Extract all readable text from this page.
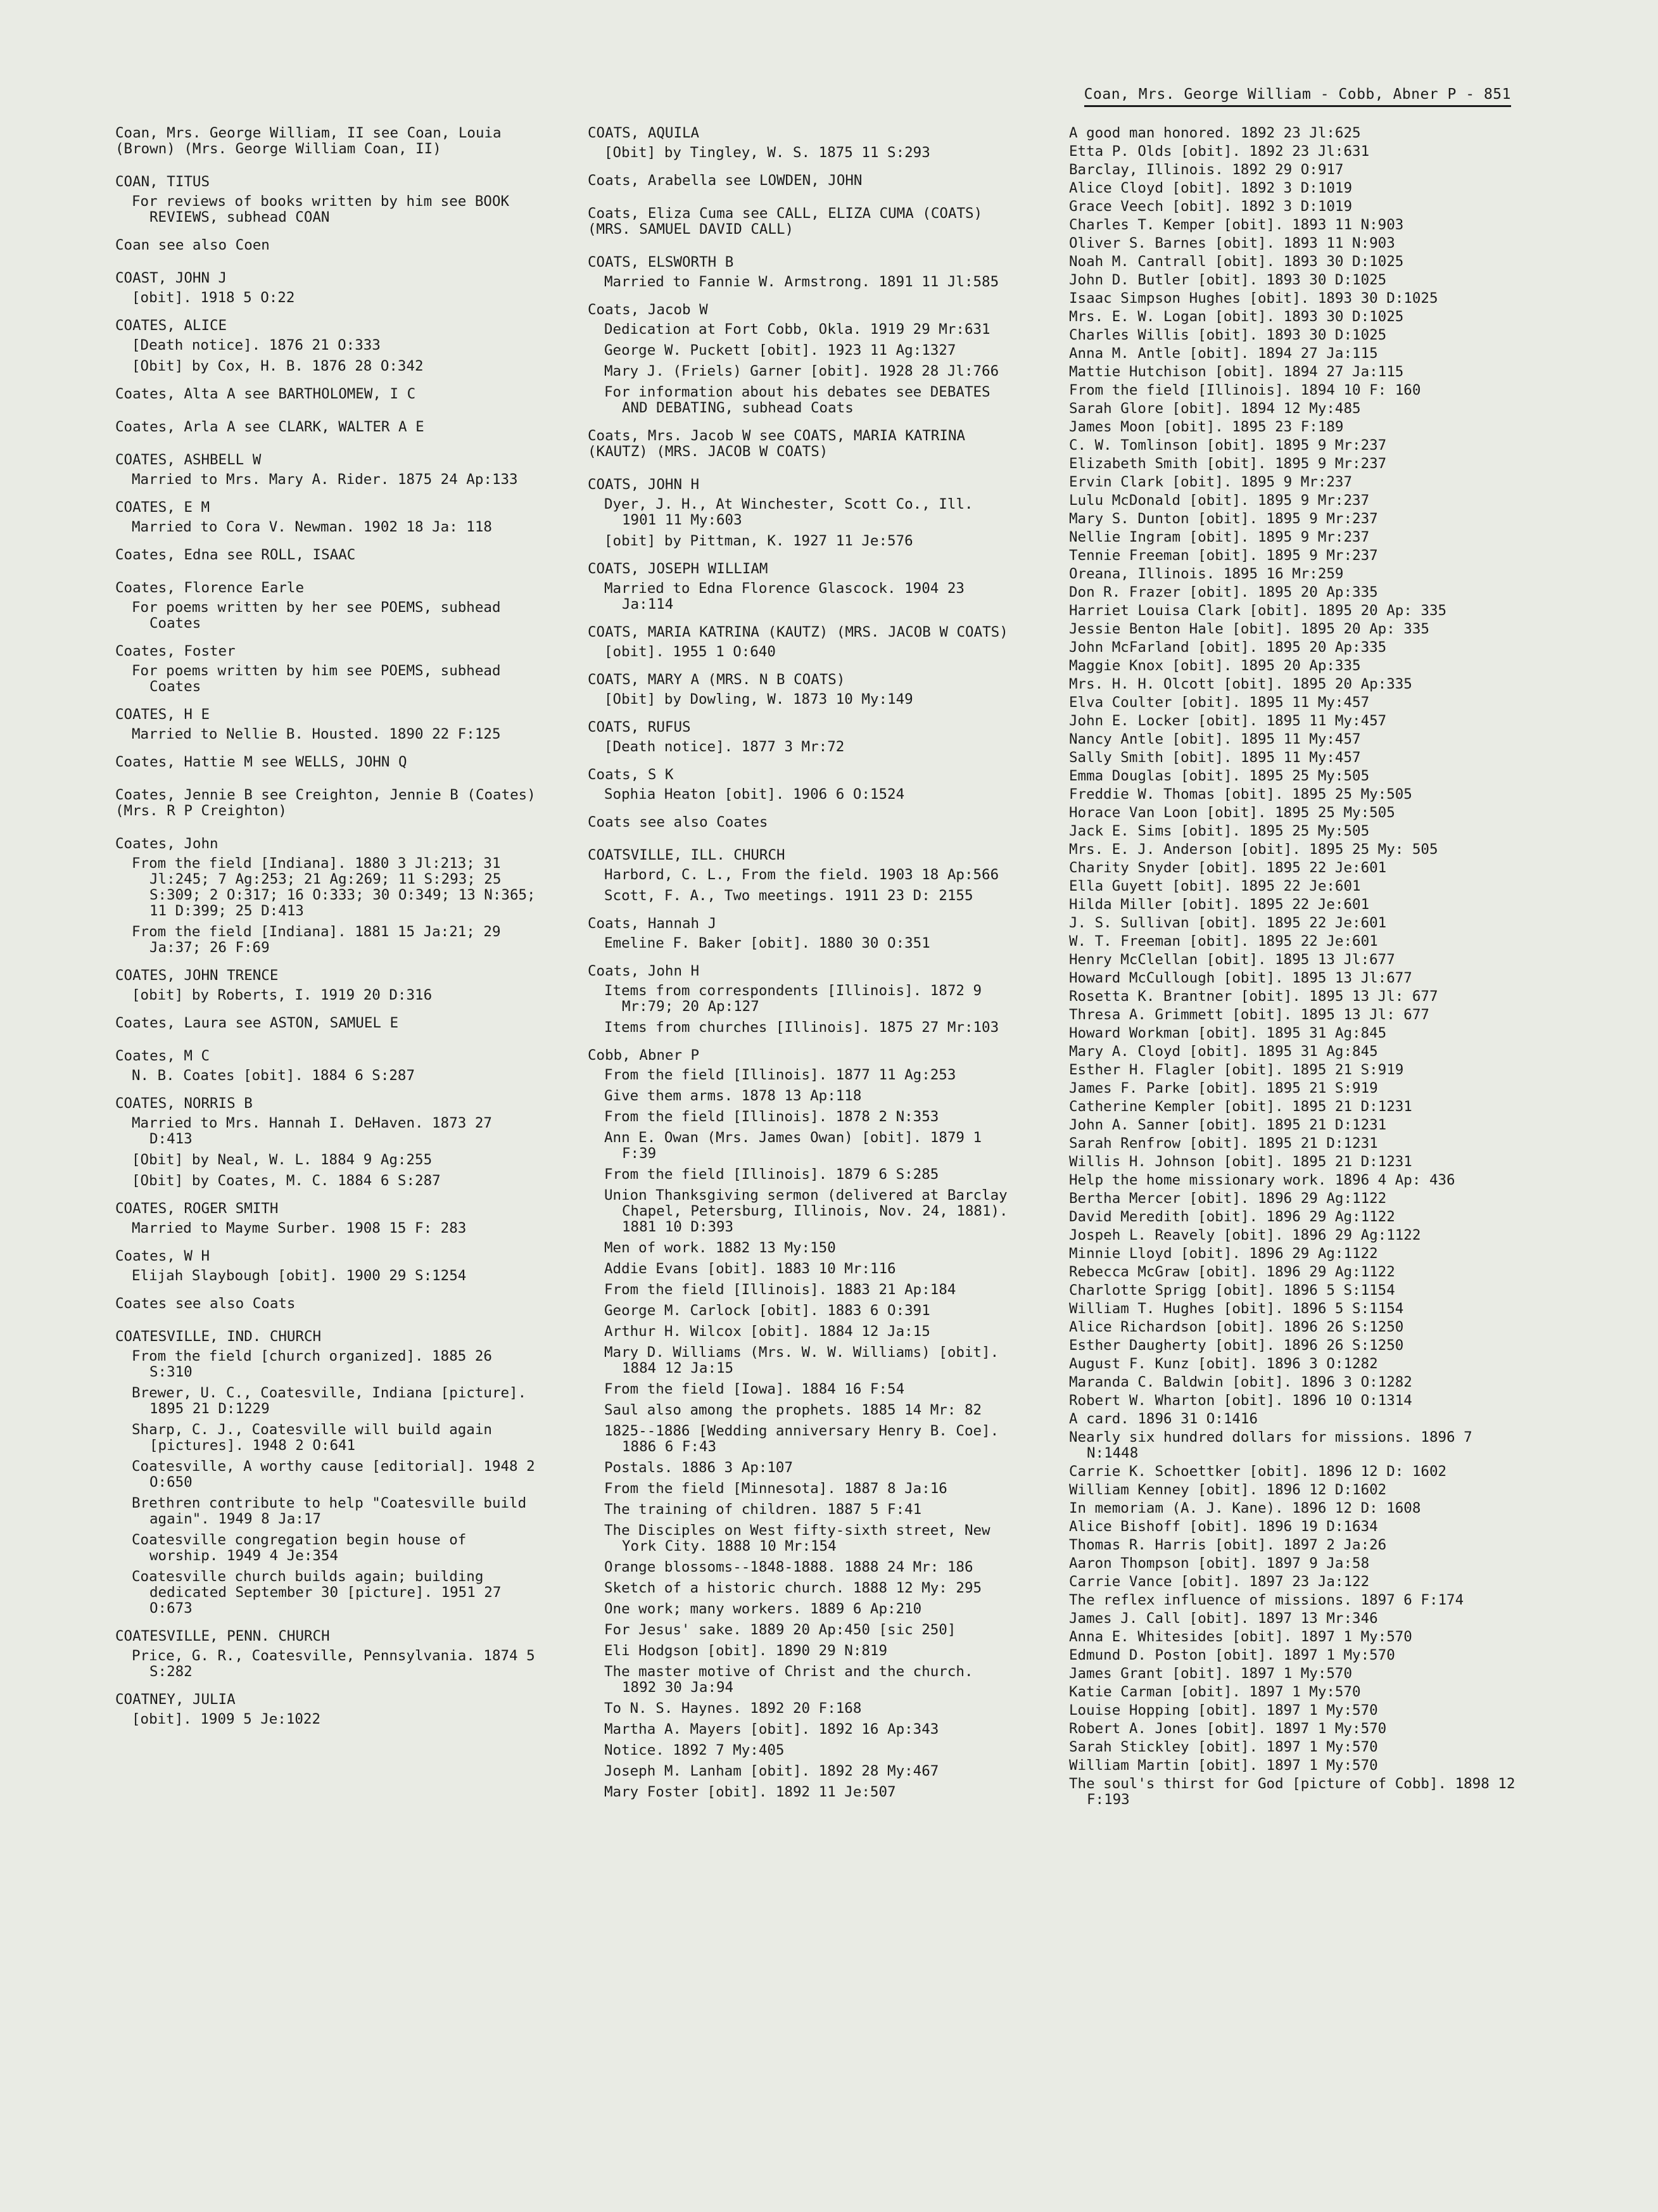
Coan, Mrs. George William - Cobb, Abner P - 851
Coan, Mrs. George William, II see Coan, Louia (Brown) (Mrs. George William Coan, II)
COAN, TITUS
For reviews of books written by him see BOOK REVIEWS, subhead COAN
Coan see also Coen
COAST, JOHN J
[obit]. 1918 5 O:22
COATES, ALICE
[Death notice]. 1876 21 O:333
[Obit] by Cox, H. B. 1876 28 O:342
Coates, Alta A see BARTHOLOMEW, I C
Coates, Arla A see CLARK, WALTER A E
COATES, ASHBELL W
Married to Mrs. Mary A. Rider. 1875 24 Ap:133
COATES, E M
Married to Cora V. Newman. 1902 18 Ja: 118
Coates, Edna see ROLL, ISAAC
Coates, Florence Earle
For poems written by her see POEMS, subhead Coates
Coates, Foster
For poems written by him see POEMS, subhead Coates
COATES, H E
Married to Nellie B. Housted. 1890 22 F:125
Coates, Hattie M see WELLS, JOHN Q
Coates, Jennie B see Creighton, Jennie B (Coates) (Mrs. R P Creighton)
Coates, John
From the field [Indiana]. 1880 3 Jl:213; 31 Jl:245; 7 Ag:253; 21 Ag:269; 11 S:293; 25 S:309; 2 O:317; 16 O:333; 30 O:349; 13 N:365; 11 D:399; 25 D:413
From the field [Indiana]. 1881 15 Ja:21; 29 Ja:37; 26 F:69
COATES, JOHN TRENCE
[obit] by Roberts, I. 1919 20 D:316
Coates, Laura see ASTON, SAMUEL E
Coates, M C
N. B. Coates [obit]. 1884 6 S:287
COATES, NORRIS B
Married to Mrs. Hannah I. DeHaven. 1873 27 D:413
[Obit] by Neal, W. L. 1884 9 Ag:255
[Obit] by Coates, M. C. 1884 6 S:287
COATES, ROGER SMITH
Married to Mayme Surber. 1908 15 F: 283
Coates, W H
Elijah Slaybough [obit]. 1900 29 S:1254
Coates see also Coats
COATESVILLE, IND. CHURCH
From the field [church organized]. 1885 26 S:310
Brewer, U. C., Coatesville, Indiana [picture]. 1895 21 D:1229
Sharp, C. J., Coatesville will build again [pictures]. 1948 2 O:641
Coatesville, A worthy cause [editorial]. 1948 2 O:650
Brethren contribute to help "Coatesville build again". 1949 8 Ja:17
Coatesville congregation begin house of worship. 1949 4 Je:354
Coatesville church builds again; building dedicated September 30 [picture]. 1951 27 O:673
COATESVILLE, PENN. CHURCH
Price, G. R., Coatesville, Pennsylvania. 1874 5 S:282
COATNEY, JULIA
[obit]. 1909 5 Je:1022
COATS, AQUILA
[Obit] by Tingley, W. S. 1875 11 S:293
Coats, Arabella see LOWDEN, JOHN
Coats, Eliza Cuma see CALL, ELIZA CUMA (COATS) (MRS. SAMUEL DAVID CALL)
COATS, ELSWORTH B
Married to Fannie W. Armstrong. 1891 11 Jl:585
Coats, Jacob W
Dedication at Fort Cobb, Okla. 1919 29 Mr:631
George W. Puckett [obit]. 1923 11 Ag:1327
Mary J. (Friels) Garner [obit]. 1928 28 Jl:766
For information about his debates see DEBATES AND DEBATING, subhead Coats
Coats, Mrs. Jacob W see COATS, MARIA KATRINA (KAUTZ) (MRS. JACOB W COATS)
COATS, JOHN H
Dyer, J. H., At Winchester, Scott Co., Ill. 1901 11 My:603
[obit] by Pittman, K. 1927 11 Je:576
COATS, JOSEPH WILLIAM
Married to Edna Florence Glascock. 1904 23 Ja:114
COATS, MARIA KATRINA (KAUTZ) (MRS. JACOB W COATS)
[obit]. 1955 1 O:640
COATS, MARY A (MRS. N B COATS)
[Obit] by Dowling, W. 1873 10 My:149
COATS, RUFUS
[Death notice]. 1877 3 Mr:72
Coats, S K
Sophia Heaton [obit]. 1906 6 O:1524
Coats see also Coates
COATSVILLE, ILL. CHURCH
Harbord, C. L., From the field. 1903 18 Ap:566
Scott, F. A., Two meetings. 1911 23 D: 2155
Coats, Hannah J
Emeline F. Baker [obit]. 1880 30 O:351
Coats, John H
Items from correspondents [Illinois]. 1872 9 Mr:79; 20 Ap:127
Items from churches [Illinois]. 1875 27 Mr:103
Cobb, Abner P
From the field [Illinois]. 1877 11 Ag:253
Give them arms. 1878 13 Ap:118
From the field [Illinois]. 1878 2 N:353
Ann E. Owan (Mrs. James Owan) [obit]. 1879 1 F:39
From the field [Illinois]. 1879 6 S:285
Union Thanksgiving sermon (delivered at Barclay Chapel, Petersburg, Illinois, Nov. 24, 1881). 1881 10 D:393
Men of work. 1882 13 My:150
Addie Evans [obit]. 1883 10 Mr:116
From the field [Illinois]. 1883 21 Ap:184
George M. Carlock [obit]. 1883 6 O:391
Arthur H. Wilcox [obit]. 1884 12 Ja:15
Mary D. Williams (Mrs. W. W. Williams) [obit]. 1884 12 Ja:15
From the field [Iowa]. 1884 16 F:54
Saul also among the prophets. 1885 14 Mr: 82
1825--1886 [Wedding anniversary Henry B. Coe]. 1886 6 F:43
Postals. 1886 3 Ap:107
From the field [Minnesota]. 1887 8 Ja:16
The training of children. 1887 5 F:41
The Disciples on West fifty-sixth street, New York City. 1888 10 Mr:154
Orange blossoms--1848-1888. 1888 24 Mr: 186
Sketch of a historic church. 1888 12 My: 295
One work; many workers. 1889 6 Ap:210
For Jesus' sake. 1889 20 Ap:450 [sic 250]
Eli Hodgson [obit]. 1890 29 N:819
The master motive of Christ and the church. 1892 30 Ja:94
To N. S. Haynes. 1892 20 F:168
Martha A. Mayers [obit]. 1892 16 Ap:343
Notice. 1892 7 My:405
Joseph M. Lanham [obit]. 1892 28 My:467
Mary Foster [obit]. 1892 11 Je:507
A good man honored. 1892 23 Jl:625
Etta P. Olds [obit]. 1892 23 Jl:631
Barclay, Illinois. 1892 29 O:917
Alice Cloyd [obit]. 1892 3 D:1019
Grace Veech [obit]. 1892 3 D:1019
Charles T. Kemper [obit]. 1893 11 N:903
Oliver S. Barnes [obit]. 1893 11 N:903
Noah M. Cantrall [obit]. 1893 30 D:1025
John D. Butler [obit]. 1893 30 D:1025
Isaac Simpson Hughes [obit]. 1893 30 D:1025
Mrs. E. W. Logan [obit]. 1893 30 D:1025
Charles Willis [obit]. 1893 30 D:1025
Anna M. Antle [obit]. 1894 27 Ja:115
Mattie Hutchison [obit]. 1894 27 Ja:115
From the field [Illinois]. 1894 10 F: 160
Sarah Glore [obit]. 1894 12 My:485
James Moon [obit]. 1895 23 F:189
C. W. Tomlinson [obit]. 1895 9 Mr:237
Elizabeth Smith [obit]. 1895 9 Mr:237
Ervin Clark [obit]. 1895 9 Mr:237
Lulu McDonald [obit]. 1895 9 Mr:237
Mary S. Dunton [obit]. 1895 9 Mr:237
Nellie Ingram [obit]. 1895 9 Mr:237
Tennie Freeman [obit]. 1895 9 Mr:237
Oreana, Illinois. 1895 16 Mr:259
Don R. Frazer [obit]. 1895 20 Ap:335
Harriet Louisa Clark [obit]. 1895 20 Ap: 335
Jessie Benton Hale [obit]. 1895 20 Ap: 335
John McFarland [obit]. 1895 20 Ap:335
Maggie Knox [obit]. 1895 20 Ap:335
Mrs. H. H. Olcott [obit]. 1895 20 Ap:335
Elva Coulter [obit]. 1895 11 My:457
John E. Locker [obit]. 1895 11 My:457
Nancy Antle [obit]. 1895 11 My:457
Sally Smith [obit]. 1895 11 My:457
Emma Douglas [obit]. 1895 25 My:505
Freddie W. Thomas [obit]. 1895 25 My:505
Horace Van Loon [obit]. 1895 25 My:505
Jack E. Sims [obit]. 1895 25 My:505
Mrs. E. J. Anderson [obit]. 1895 25 My: 505
Charity Snyder [obit]. 1895 22 Je:601
Ella Guyett [obit]. 1895 22 Je:601
Hilda Miller [obit]. 1895 22 Je:601
J. S. Sullivan [obit]. 1895 22 Je:601
W. T. Freeman [obit]. 1895 22 Je:601
Henry McClellan [obit]. 1895 13 Jl:677
Howard McCullough [obit]. 1895 13 Jl:677
Rosetta K. Brantner [obit]. 1895 13 Jl: 677
Thresa A. Grimmett [obit]. 1895 13 Jl: 677
Howard Workman [obit]. 1895 31 Ag:845
Mary A. Cloyd [obit]. 1895 31 Ag:845
Esther H. Flagler [obit]. 1895 21 S:919
James F. Parke [obit]. 1895 21 S:919
Catherine Kempler [obit]. 1895 21 D:1231
John A. Sanner [obit]. 1895 21 D:1231
Sarah Renfrow [obit]. 1895 21 D:1231
Willis H. Johnson [obit]. 1895 21 D:1231
Help the home missionary work. 1896 4 Ap: 436
Bertha Mercer [obit]. 1896 29 Ag:1122
David Meredith [obit]. 1896 29 Ag:1122
Jospeh L. Reavely [obit]. 1896 29 Ag:1122
Minnie Lloyd [obit]. 1896 29 Ag:1122
Rebecca McGraw [obit]. 1896 29 Ag:1122
Charlotte Sprigg [obit]. 1896 5 S:1154
William T. Hughes [obit]. 1896 5 S:1154
Alice Richardson [obit]. 1896 26 S:1250
Esther Daugherty [obit]. 1896 26 S:1250
August F. Kunz [obit]. 1896 3 O:1282
Maranda C. Baldwin [obit]. 1896 3 O:1282
Robert W. Wharton [obit]. 1896 10 O:1314
A card. 1896 31 O:1416
Nearly six hundred dollars for missions. 1896 7 N:1448
Carrie K. Schoettker [obit]. 1896 12 D: 1602
William Kenney [obit]. 1896 12 D:1602
In memoriam (A. J. Kane). 1896 12 D: 1608
Alice Bishoff [obit]. 1896 19 D:1634
Thomas R. Harris [obit]. 1897 2 Ja:26
Aaron Thompson [obit]. 1897 9 Ja:58
Carrie Vance [obit]. 1897 23 Ja:122
The reflex influence of missions. 1897 6 F:174
James J. Call [obit]. 1897 13 Mr:346
Anna E. Whitesides [obit]. 1897 1 My:570
Edmund D. Poston [obit]. 1897 1 My:570
James Grant [obit]. 1897 1 My:570
Katie Carman [obit]. 1897 1 My:570
Louise Hopping [obit]. 1897 1 My:570
Robert A. Jones [obit]. 1897 1 My:570
Sarah Stickley [obit]. 1897 1 My:570
William Martin [obit]. 1897 1 My:570
The soul's thirst for God [picture of Cobb]. 1898 12 F:193
